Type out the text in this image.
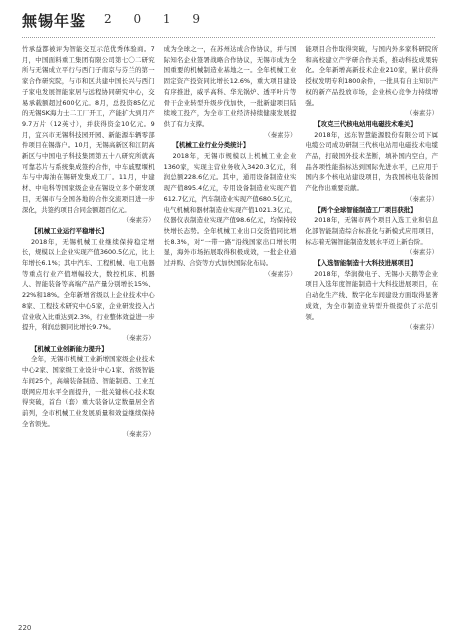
無锡年鉴 2 0 1 9

竹承益都被评为智能交互示范优秀体验商。7月，中国面料重工集团有限公司第七〇二研究所与无锡成立平行与西门子南京与芬兰的第一家合作研究院，与市和区共建中国长兴与西门子家电发展智能家居与远程协同研究中心，交易承载额超过600亿元。8月，总投资85亿元的无锡SK海力士二工厂开工，产能扩大到月产9.7万片（12英寸），并获得资金10亿元。9月，宜兴市无锡科技园开园、新能源车辆零部件项目在锡落户。10月，无锡高新区和江阴高新区与中国电子科技集团第五十八研究所就高可靠芯片与系统集成签约合作，中车戚墅堰机车与中海油在锡研发集成工厂。11月，中建材、中电科等国家级企业在锡设立多个研发项目，无锡市与全国各地的合作交流项目进一步深化，共签约项目合同金额超百亿元。

（秦素芬）

【机械工业运行平稳增长】

2018年，无锡机械工业继续保持稳定增长，规模以上企业实现产值3600.5亿元，比上年增长6.1%；其中汽车、工程机械、电工电器等重点行业产值增幅较大，数控机床、机器人、智能装备等高端产品产量分别增长15%、22%和18%。全年新增省级以上企业技术中心8家、工程技术研究中心5家，企业研发投入占营业收入比重达到2.3%，行业整体效益进一步提升，利润总额同比增长9.7%。

（秦素芬）

【机械工业创新能力提升】

全年，无锡市机械工业新增国家级企业技术中心2家、国家级工业设计中心1家、省级智能车间25个，高端装备制造、智能制造、工业互联网应用水平全面提升，一批关键核心技术取得突破，首台（套）重大装备认定数量居全省前列，全市机械工业发展质量和效益继续保持全省领先。

（秦素芬）

成为全球之一，在苏州达成合作协议，并与国际知名企业签署战略合作协议，无锡市成为全国重要的机械制造业基地之一。全年机械工业固定资产投资同比增长12.6%，重大项目建设有序推进，威孚高科、华光锅炉、透平叶片等骨干企业转型升级步伐加快，一批新建项目陆续竣工投产，为全市工业经济持续健康发展提供了有力支撑。

（秦素芬）

【机械工业行业分类统计】

2018年，无锡市规模以上机械工业企业1360家，实现主营业务收入3420.3亿元，利润总额228.6亿元。其中，通用设备制造业实现产值895.4亿元，专用设备制造业实现产值612.7亿元，汽车制造业实现产值680.5亿元，电气机械和器材制造业实现产值1021.3亿元，仪器仪表制造业实现产值98.6亿元，均保持较快增长态势。全年机械工业出口交货值同比增长8.3%，对“一带一路”沿线国家出口增长明显，海外市场拓展取得积极成效，一批企业通过并购、合资等方式加快国际化布局。

（秦素芬）

能项目合作取得突破，与国内外多家科研院所和高校建立产学研合作关系，推动科技成果转化。全年新增高新技术企业210家，累计获得授权发明专利1800余件，一批具有自主知识产权的新产品投放市场，企业核心竞争力持续增强。

（秦素芬）

【攻克三代核电站用电磁技术难关】

2018年，远东智慧能源股份有限公司下属电缆公司成功研制三代核电站用电磁技术电缆产品，打破国外技术垄断，填补国内空白，产品各项性能指标达到国际先进水平，已应用于国内多个核电站建设项目，为我国核电装备国产化作出重要贡献。

（秦素芬）

【两个全球智能制造工厂项目获批】

2018年，无锡市两个项目入选工业和信息化部智能制造综合标准化与新模式应用项目，标志着无锡智能制造发展水平迈上新台阶。

（秦素芬）

【入选智能制造十大科技进展项目】

2018年，华润微电子、无锡小天鹅等企业项目入选年度智能制造十大科技进展项目，在自动化生产线、数字化车间建设方面取得显著成效，为全市制造业转型升级提供了示范引领。

（秦素芬）

220
